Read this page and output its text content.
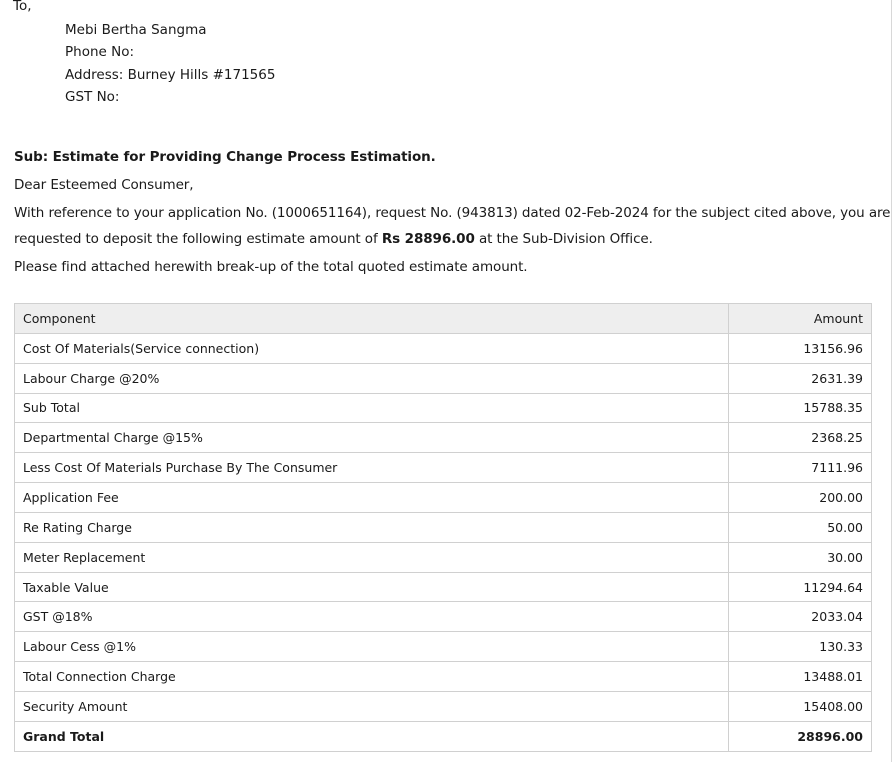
To,
Mebi Bertha Sangma
Phone No:
Address: Burney Hills #171565
GST No:
Sub: Estimate for Providing Change Process Estimation.
Dear Esteemed Consumer,
With reference to your application No. (1000651164), request No. (943813) dated 02-Feb-2024 for the subject cited above, you are
requested to deposit the following estimate amount of Rs 28896.00 at the Sub-Division Office.
Please find attached herewith break-up of the total quoted estimate amount.
Component	Amount
Cost Of Materials(Service connection)	13156.96
Labour Charge @20%	2631.39
Sub Total	15788.35
Departmental Charge @15%	2368.25
Less Cost Of Materials Purchase By The Consumer	7111.96
Application Fee	200.00
Re Rating Charge	50.00
Meter Replacement	30.00
Taxable Value	11294.64
GST @18%	2033.04
Labour Cess @1%	130.33
Total Connection Charge	13488.01
Security Amount	15408.00
Grand Total	28896.00
